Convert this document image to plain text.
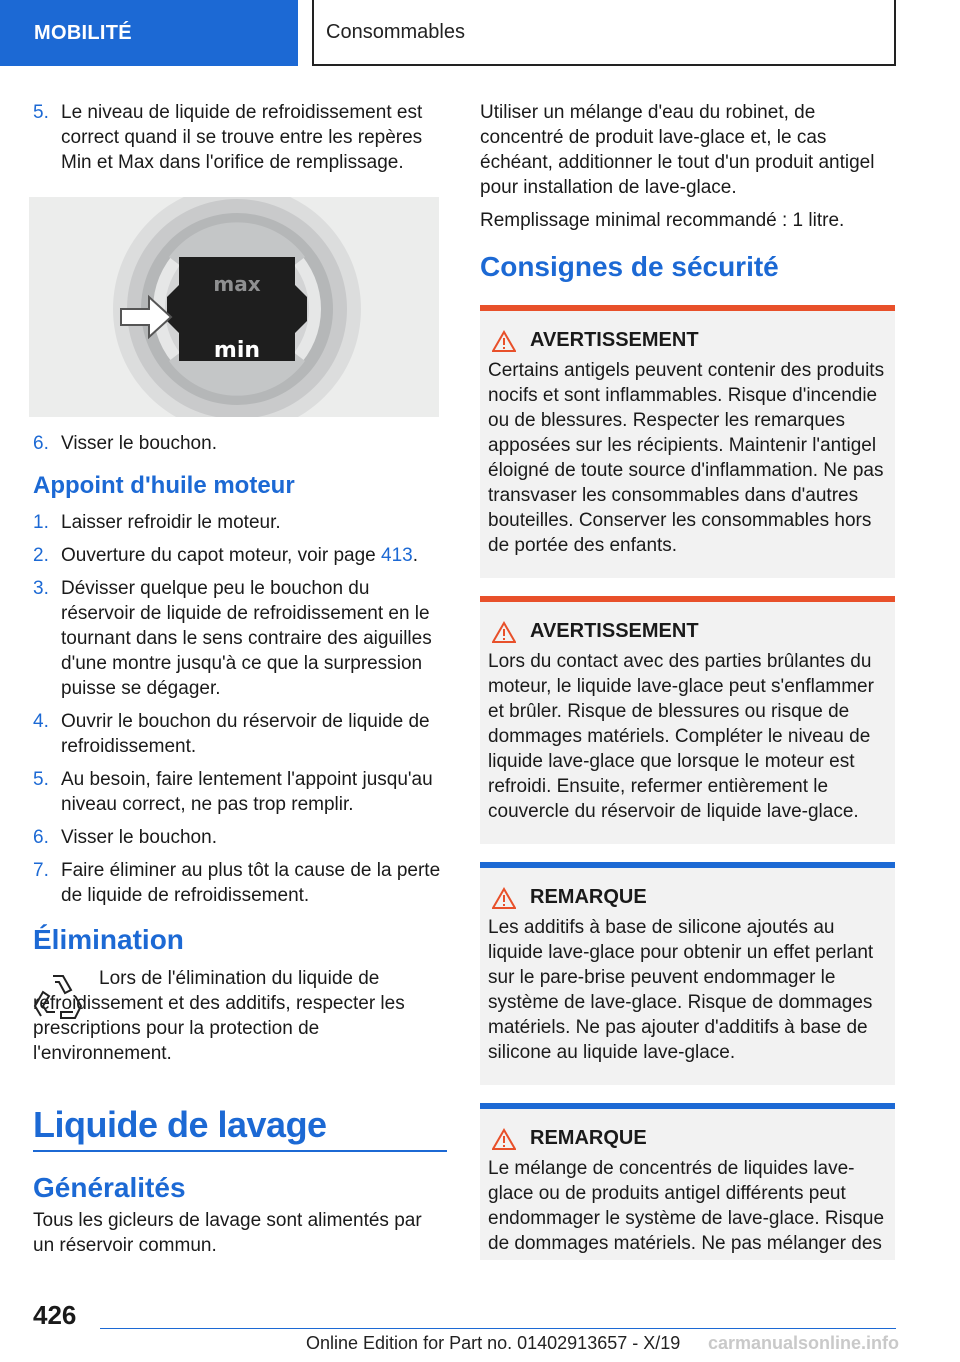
MOBILITÉ	Consommables
5. Le niveau de liquide de refroidissement est correct quand il se trouve entre les repères Min et Max dans l'orifice de remplissage.
max
min
6. Visser le bouchon.
Appoint d'huile moteur
1. Laisser refroidir le moteur.
2. Ouverture du capot moteur, voir page 413.
3. Dévisser quelque peu le bouchon du réservoir de liquide de refroidissement en le tournant dans le sens contraire des aiguilles d'une montre jusqu'à ce que la surpression puisse se dégager.
4. Ouvrir le bouchon du réservoir de liquide de refroidissement.
5. Au besoin, faire lentement l'appoint jusqu'au niveau correct, ne pas trop remplir.
6. Visser le bouchon.
7. Faire éliminer au plus tôt la cause de la perte de liquide de refroidissement.
Élimination

Lors de l'élimination du liquide de refroidissement et des additifs, respecter les prescriptions pour la protection de l'environnement.

Liquide de lavage
Généralités

Tous les gicleurs de lavage sont alimentés par un réservoir commun.

Utiliser un mélange d'eau du robinet, de concentré de produit lave-glace et, le cas échéant, additionner le tout d'un produit antigel pour installation de lave-glace.

Remplissage minimal recommandé : 1 litre.

Consignes de sécurité
AVERTISSEMENT

Certains antigels peuvent contenir des produits nocifs et sont inflammables. Risque d'incendie ou de blessures. Respecter les remarques apposées sur les récipients. Maintenir l'antigel éloigné de toute source d'inflammation. Ne pas transvaser les consommables dans d'autres bouteilles. Conserver les consommables hors de portée des enfants.

AVERTISSEMENT

Lors du contact avec des parties brûlantes du moteur, le liquide lave-glace peut s'enflammer et brûler. Risque de blessures ou risque de dommages matériels. Compléter le niveau de liquide lave-glace que lorsque le moteur est refroidi. Ensuite, refermer entièrement le couvercle du réservoir de liquide lave-glace.

REMARQUE

Les additifs à base de silicone ajoutés au liquide lave-glace pour obtenir un effet perlant sur le pare-brise peuvent endommager le système de lave-glace. Risque de dommages matériels. Ne pas ajouter d'additifs à base de silicone au liquide lave-glace.

REMARQUE

Le mélange de concentrés de liquides lave-glace ou de produits antigel différents peut endommager le système de lave-glace. Risque de dommages matériels. Ne pas mélanger des

426
Online Edition for Part no. 01402913657 - X/19 carmanualsonline.info
